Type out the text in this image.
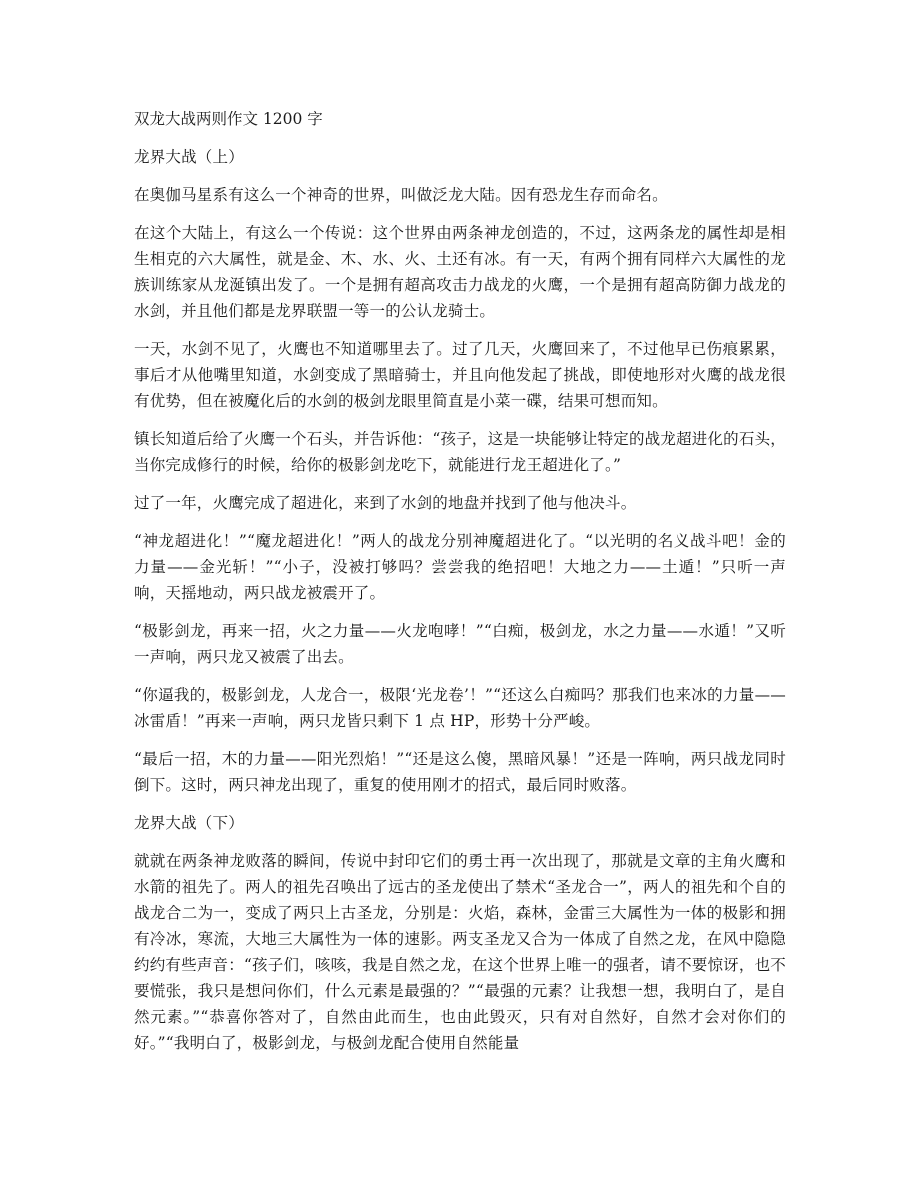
双龙大战两则作文 1200 字

龙界大战（上）

在奥伽马星系有这么一个神奇的世界，叫做泛龙大陆。因有恐龙生存而命名。

在这个大陆上，有这么一个传说：这个世界由两条神龙创造的，不过，这两条龙的属性却是相生相克的六大属性，就是金、木、水、火、土还有冰。有一天，有两个拥有同样六大属性的龙族训练家从龙涎镇出发了。一个是拥有超高攻击力战龙的火鹰，一个是拥有超高防御力战龙的水剑，并且他们都是龙界联盟一等一的公认龙骑士。

一天，水剑不见了，火鹰也不知道哪里去了。过了几天，火鹰回来了，不过他早已伤痕累累，事后才从他嘴里知道，水剑变成了黑暗骑士，并且向他发起了挑战，即使地形对火鹰的战龙很有优势，但在被魔化后的水剑的极剑龙眼里简直是小菜一碟，结果可想而知。

镇长知道后给了火鹰一个石头，并告诉他：“孩子，这是一块能够让特定的战龙超进化的石头，当你完成修行的时候，给你的极影剑龙吃下，就能进行龙王超进化了。”

过了一年，火鹰完成了超进化，来到了水剑的地盘并找到了他与他决斗。

“神龙超进化！”“魔龙超进化！”两人的战龙分别神魔超进化了。“以光明的名义战斗吧！金的力量——金光斩！”“小子，没被打够吗？尝尝我的绝招吧！大地之力——土遁！”只听一声响，天摇地动，两只战龙被震开了。

“极影剑龙，再来一招，火之力量——火龙咆哮！”“白痴，极剑龙，水之力量——水遁！”又听一声响，两只龙又被震了出去。

“你逼我的，极影剑龙，人龙合一，极限‘光龙卷’！”“还这么白痴吗？那我们也来冰的力量——冰雷盾！”再来一声响，两只龙皆只剩下 1 点 HP，形势十分严峻。

“最后一招，木的力量——阳光烈焰！”“还是这么傻，黑暗风暴！”还是一阵响，两只战龙同时倒下。这时，两只神龙出现了，重复的使用刚才的招式，最后同时败落。

龙界大战（下）

就就在两条神龙败落的瞬间，传说中封印它们的勇士再一次出现了，那就是文章的主角火鹰和水箭的祖先了。两人的祖先召唤出了远古的圣龙使出了禁术“圣龙合一”，两人的祖先和个自的战龙合二为一，变成了两只上古圣龙，分别是：火焰，森林，金雷三大属性为一体的极影和拥有冷冰，寒流，大地三大属性为一体的速影。两支圣龙又合为一体成了自然之龙，在风中隐隐约约有些声音：“孩子们，咳咳，我是自然之龙，在这个世界上唯一的强者，请不要惊讶，也不要慌张，我只是想问你们，什么元素是最强的？”“最强的元素？让我想一想，我明白了，是自然元素。”“恭喜你答对了，自然由此而生，也由此毁灭，只有对自然好，自然才会对你们的好。”“我明白了，极影剑龙，与极剑龙配合使用自然能量
